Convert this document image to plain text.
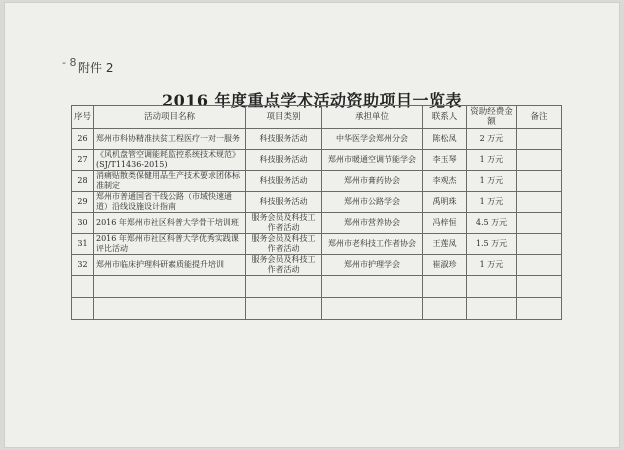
- 8 -
附件 2
2016 年度重点学术活动资助项目一览表
序号	活动项目名称	项目类别	承担单位	联系人	资助经费金额	备注
26	郑州市科协精准扶贫工程医疗一对一服务	科技服务活动	中华医学会郑州分会	陈松凤	2 万元	
27	《风机盘管空调能耗监控系统技术规范》(SJ/T11436-2015)	科技服务活动	郑州市暖通空调节能学会	李玉琴	1 万元	
28	消痛贴散类保健用品生产技术要求团体标准制定	科技服务活动	郑州市膏药协会	李观杰	1 万元	
29	郑州市普通国省干线公路（市域快速通道）沿线设施设计指南	科技服务活动	郑州市公路学会	禹明珠	1 万元	
30	2016 年郑州市社区科普大学骨干培训班	服务会员及科技工作者活动	郑州市营养协会	冯梓恒	4.5 万元	
31	2016 年郑州市社区科普大学优秀实践课评比活动	服务会员及科技工作者活动	郑州市老科技工作者协会	王莲凤	1.5 万元	
32	郑州市临床护理科研素质能提升培训	服务会员及科技工作者活动	郑州市护理学会	崔淑珍	1 万元	
